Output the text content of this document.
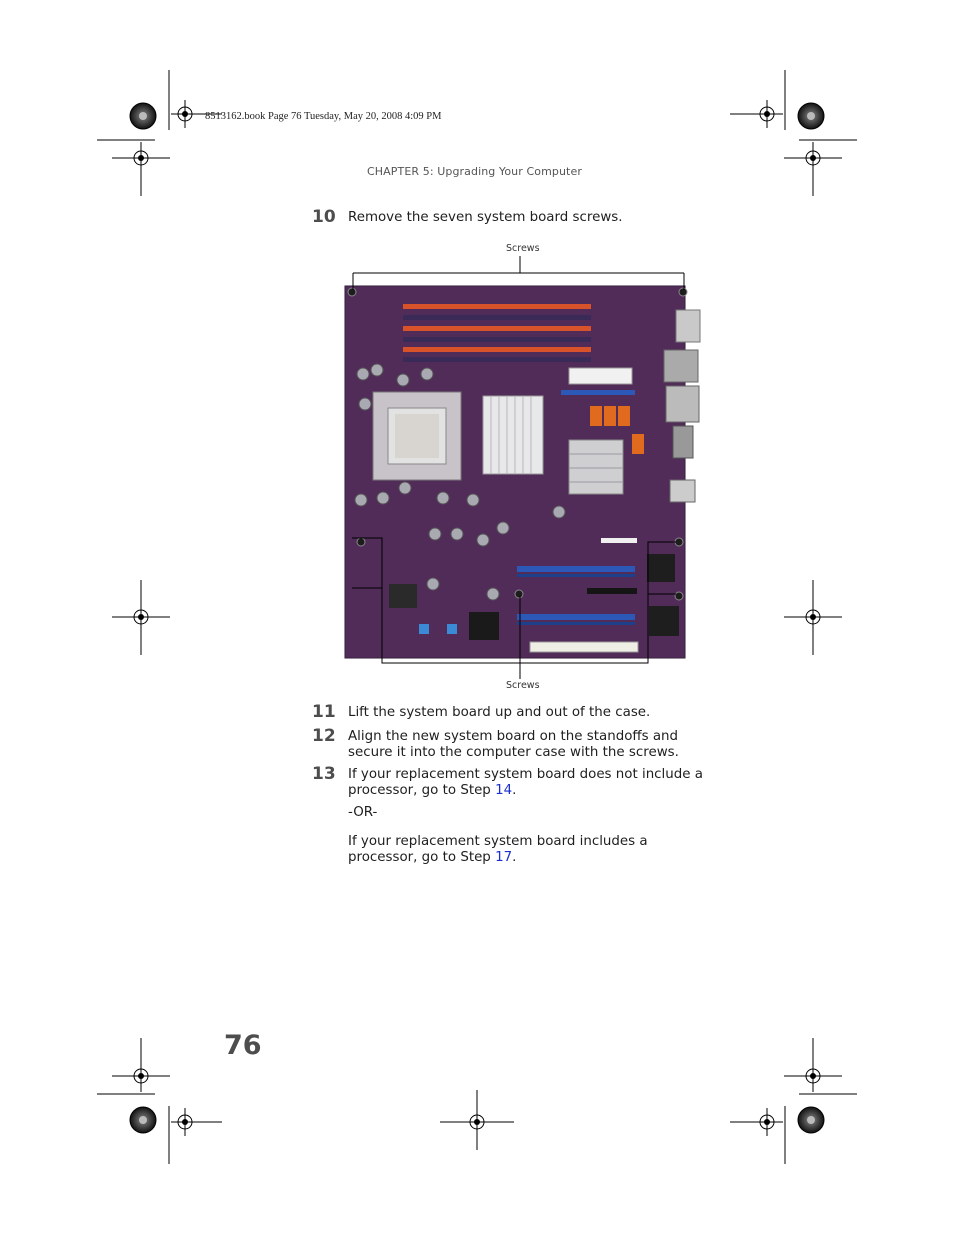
8513162.book Page 76 Tuesday, May 20, 2008 4:09 PM
CHAPTER 5: Upgrading Your Computer
10 Remove the seven system board screws.
Screws
Screws
11 Lift the system board up and out of the case.
12 Align the new system board on the standoffs and secure it into the computer case with the screws.
13 If your replacement system board does not include a processor, go to Step 14.
-OR-
If your replacement system board includes a processor, go to Step 17.
76
